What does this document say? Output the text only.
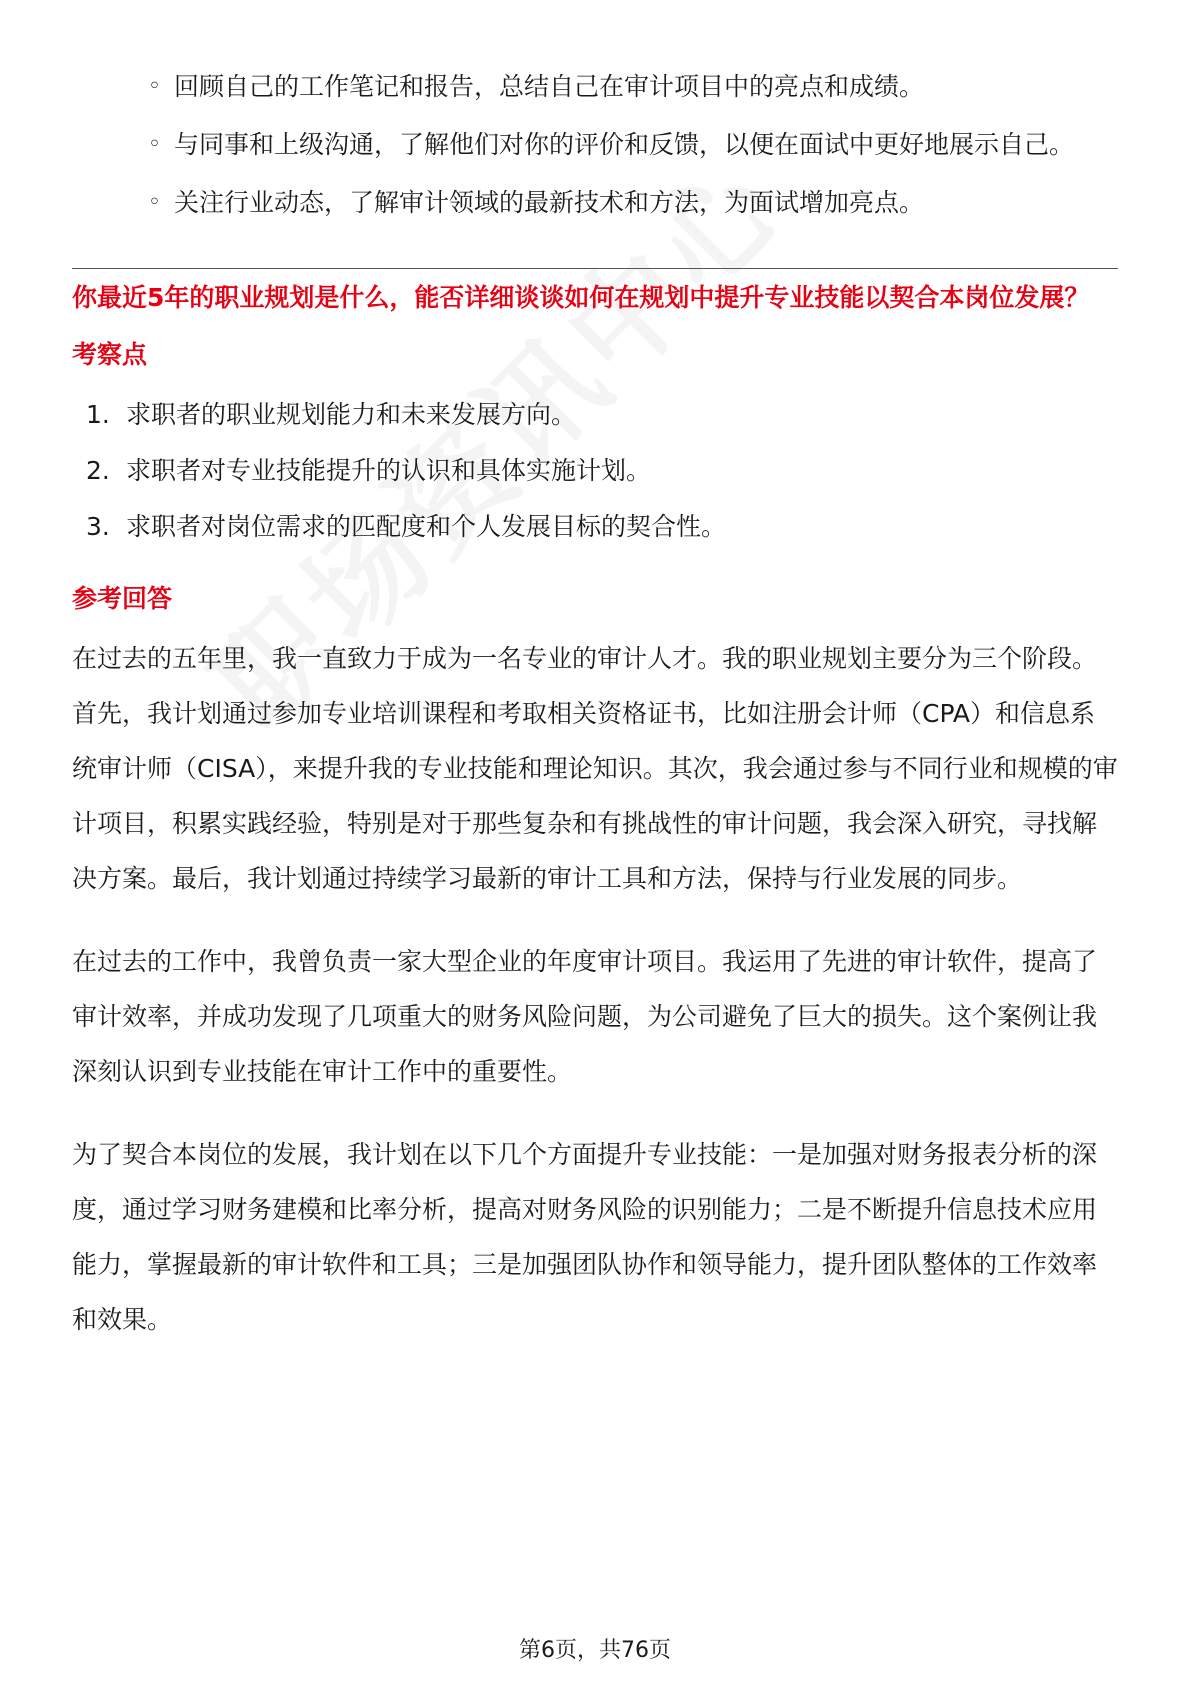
◦ 回顾自己的工作笔记和报告，总结自己在审计项目中的亮点和成绩。
◦ 与同事和上级沟通，了解他们对你的评价和反馈，以便在面试中更好地展示自己。
◦ 关注行业动态，了解审计领域的最新技术和方法，为面试增加亮点。

你最近5年的职业规划是什么，能否详细谈谈如何在规划中提升专业技能以契合本岗位发展？

考察点
1. 求职者的职业规划能力和未来发展方向。
2. 求职者对专业技能提升的认识和具体实施计划。
3. 求职者对岗位需求的匹配度和个人发展目标的契合性。
参考回答

在过去的五年里，我一直致力于成为一名专业的审计人才。我的职业规划主要分为三个阶段。首先，我计划通过参加专业培训课程和考取相关资格证书，比如注册会计师（CPA）和信息系统审计师（CISA），来提升我的专业技能和理论知识。其次，我会通过参与不同行业和规模的审计项目，积累实践经验，特别是对于那些复杂和有挑战性的审计问题，我会深入研究，寻找解决方案。最后，我计划通过持续学习最新的审计工具和方法，保持与行业发展的同步。

在过去的工作中，我曾负责一家大型企业的年度审计项目。我运用了先进的审计软件，提高了审计效率，并成功发现了几项重大的财务风险问题，为公司避免了巨大的损失。这个案例让我深刻认识到专业技能在审计工作中的重要性。

为了契合本岗位的发展，我计划在以下几个方面提升专业技能：一是加强对财务报表分析的深度，通过学习财务建模和比率分析，提高对财务风险的识别能力；二是不断提升信息技术应用能力，掌握最新的审计软件和工具；三是加强团队协作和领导能力，提升团队整体的工作效率和效果。

第6页，共76页
